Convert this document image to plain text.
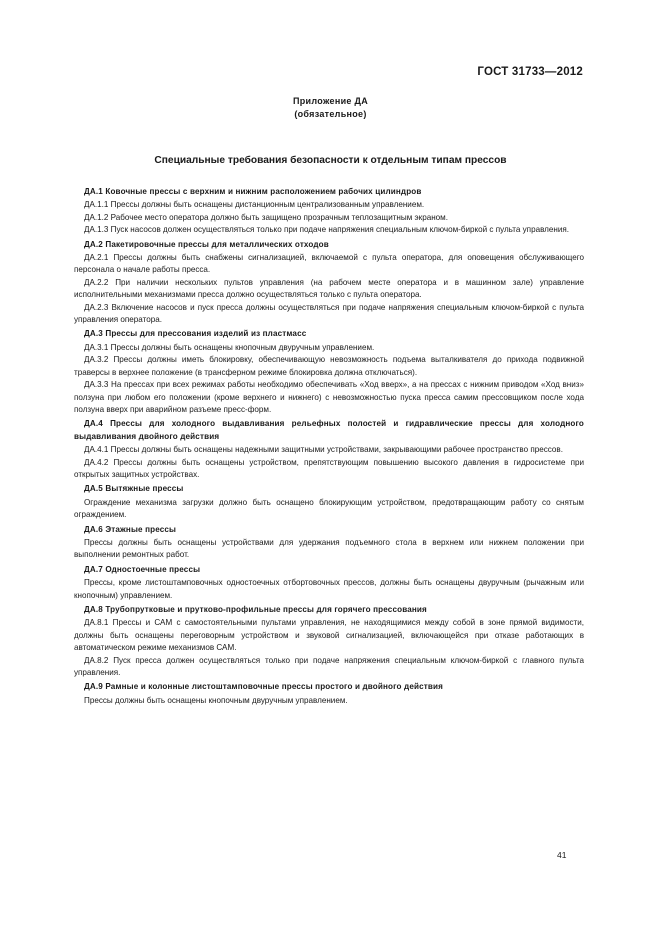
ГОСТ 31733—2012
Приложение ДА
(обязательное)
Специальные требования безопасности к отдельным типам прессов

ДА.1 Ковочные прессы с верхним и нижним расположением рабочих цилиндров

ДА.1.1 Прессы должны быть оснащены дистанционным централизованным управлением.

ДА.1.2 Рабочее место оператора должно быть защищено прозрачным теплозащитным экраном.

ДА.1.3 Пуск насосов должен осуществляться только при подаче напряжения специальным ключом-биркой с пульта управления.

ДА.2 Пакетировочные прессы для металлических отходов

ДА.2.1 Прессы должны быть снабжены сигнализацией, включаемой с пульта оператора, для оповещения обслуживающего персонала о начале работы пресса.

ДА.2.2 При наличии нескольких пультов управления (на рабочем месте оператора и в машинном зале) управление исполнительными механизмами пресса должно осуществляться только с пульта оператора.

ДА.2.3 Включение насосов и пуск пресса должны осуществляться при подаче напряжения специальным ключом-биркой с пульта управления оператора.

ДА.3 Прессы для прессования изделий из пластмасс

ДА.3.1 Прессы должны быть оснащены кнопочным двуручным управлением.

ДА.3.2 Прессы должны иметь блокировку, обеспечивающую невозможность подъема выталкивателя до прихода подвижной траверсы в верхнее положение (в трансферном режиме блокировка должна отключаться).

ДА.3.3 На прессах при всех режимах работы необходимо обеспечивать «Ход вверх», а на прессах с нижним приводом «Ход вниз» ползуна при любом его положении (кроме верхнего и нижнего) с невозможностью пуска пресса самим прессовщиком после хода ползуна вверх при аварийном разъеме пресс-форм.

ДА.4 Прессы для холодного выдавливания рельефных полостей и гидравлические прессы для холодного выдавливания двойного действия

ДА.4.1 Прессы должны быть оснащены надежными защитными устройствами, закрывающими рабочее пространство прессов.

ДА.4.2 Прессы должны быть оснащены устройством, препятствующим повышению высокого давления в гидросистеме при открытых защитных устройствах.

ДА.5 Вытяжные прессы

Ограждение механизма загрузки должно быть оснащено блокирующим устройством, предотвращающим работу со снятым ограждением.

ДА.6 Этажные прессы

Прессы должны быть оснащены устройствами для удержания подъемного стола в верхнем или нижнем положении при выполнении ремонтных работ.

ДА.7 Одностоечные прессы

Прессы, кроме листоштамповочных одностоечных отбортовочных прессов, должны быть оснащены двуручным (рычажным или кнопочным) управлением.

ДА.8 Трубопрутковые и прутково-профильные прессы для горячего прессования

ДА.8.1 Прессы и САМ с самостоятельными пультами управления, не находящимися между собой в зоне прямой видимости, должны быть оснащены переговорным устройством и звуковой сигнализацией, включающейся при отказе работающих в автоматическом режиме механизмов САМ.

ДА.8.2 Пуск пресса должен осуществляться только при подаче напряжения специальным ключом-биркой с главного пульта управления.

ДА.9 Рамные и колонные листоштамповочные прессы простого и двойного действия

Прессы должны быть оснащены кнопочным двуручным управлением.

41
